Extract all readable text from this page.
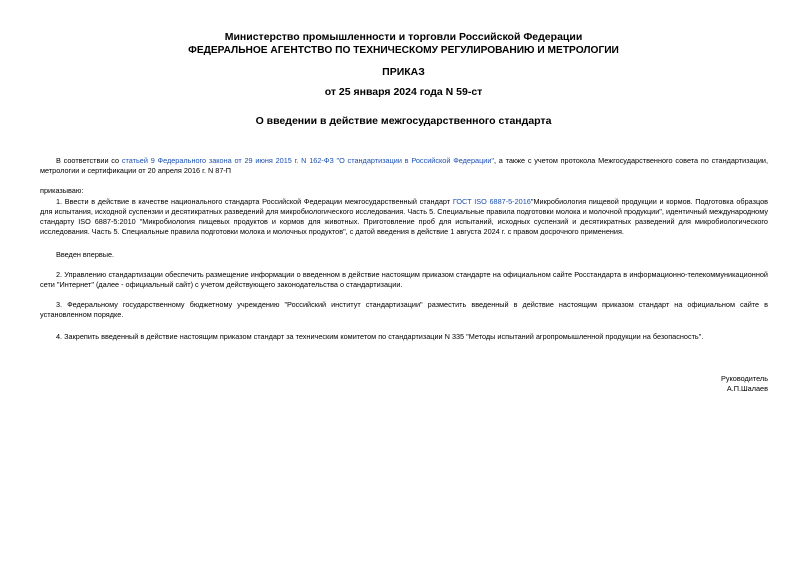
Министерство промышленности и торговли Российской Федерации
ФЕДЕРАЛЬНОЕ АГЕНТСТВО ПО ТЕХНИЧЕСКОМУ РЕГУЛИРОВАНИЮ И МЕТРОЛОГИИ
ПРИКАЗ
от 25 января 2024 года N 59-ст
О введении в действие межгосударственного стандарта
В соответствии со статьей 9 Федерального закона от 29 июня 2015 г. N 162-ФЗ "О стандартизации в Российской Федерации", а также с учетом протокола Межгосударственного совета по стандартизации, метрологии и сертификации от 20 апреля 2016 г. N 87-П
приказываю:
1. Ввести в действие в качестве национального стандарта Российской Федерации межгосударственный стандарт ГОСТ ISO 6887-5-2016"Микробиология пищевой продукции и кормов. Подготовка образцов для испытания, исходной суспензии и десятикратных разведений для микробиологического исследования. Часть 5. Специальные правила подготовки молока и молочной продукции", идентичный международному стандарту ISO 6887-5:2010 "Микробиология пищевых продуктов и кормов для животных. Приготовление проб для испытаний, исходных суспензий и десятикратных разведений для микробиологического исследования. Часть 5. Специальные правила подготовки молока и молочных продуктов", с датой введения в действие 1 августа 2024 г. с правом досрочного применения.
Введен впервые.
2. Управлению стандартизации обеспечить размещение информации о введенном в действие настоящим приказом стандарте на официальном сайте Росстандарта в информационно-телекоммуникационной сети "Интернет" (далее - официальный сайт) с учетом действующего законодательства о стандартизации.
3. Федеральному государственному бюджетному учреждению "Российский институт стандартизации" разместить введенный в действие настоящим приказом стандарт на официальном сайте в установленном порядке.
4. Закрепить введенный в действие настоящим приказом стандарт за техническим комитетом по стандартизации N 335 "Методы испытаний агропромышленной продукции на безопасность".
Руководитель
А.П.Шалаев
